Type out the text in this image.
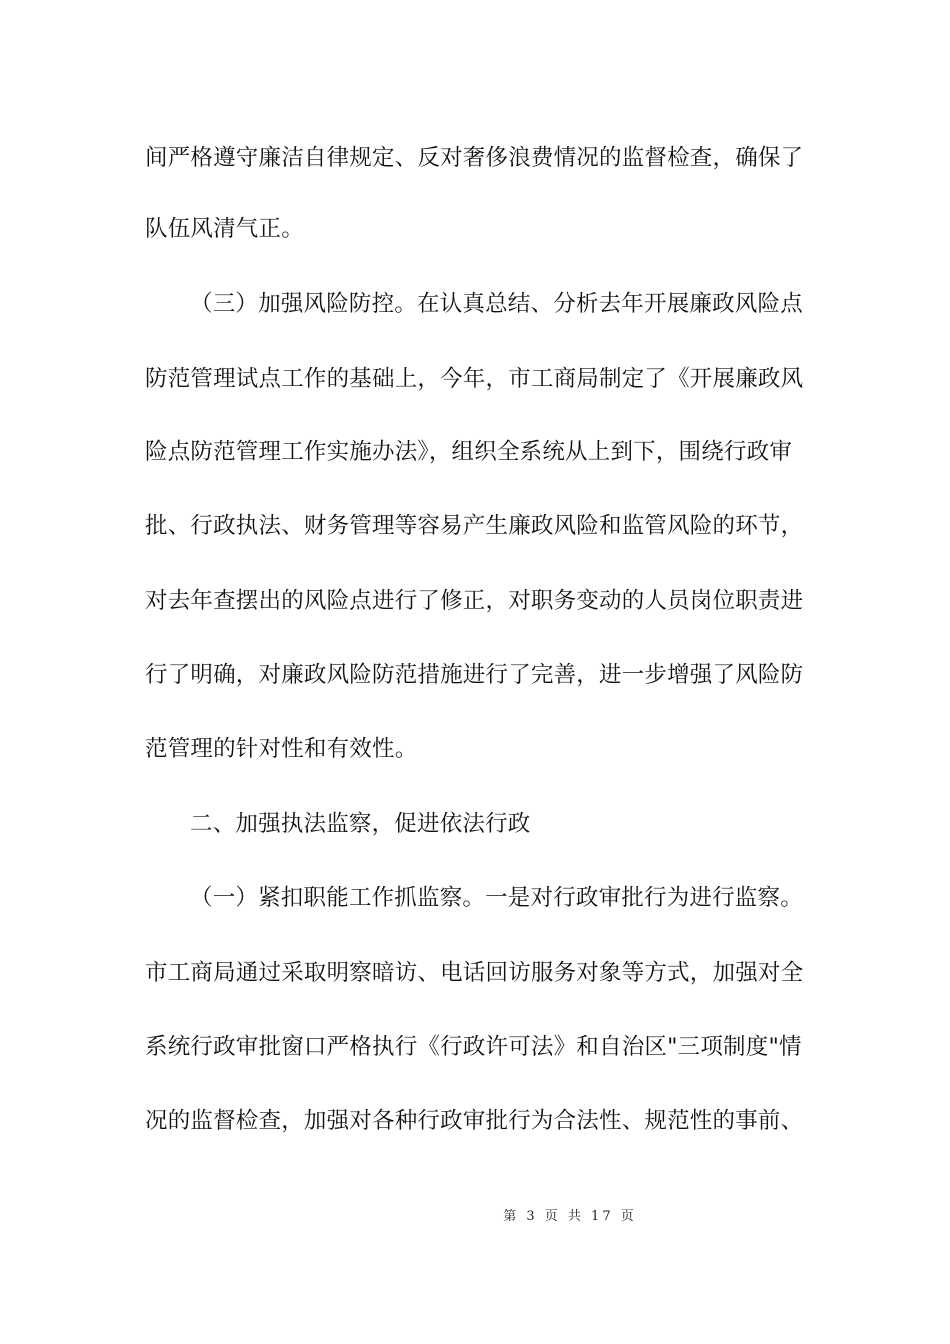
间严格遵守廉洁自律规定、反对奢侈浪费情况的监督检查，确保了
队伍风清气正。
（三）加强风险防控。在认真总结、分析去年开展廉政风险点
防范管理试点工作的基础上，今年，市工商局制定了《开展廉政风
险点防范管理工作实施办法》，组织全系统从上到下，围绕行政审
批、行政执法、财务管理等容易产生廉政风险和监管风险的环节，
对去年查摆出的风险点进行了修正，对职务变动的人员岗位职责进
行了明确，对廉政风险防范措施进行了完善，进一步增强了风险防
范管理的针对性和有效性。
二、加强执法监察，促进依法行政
（一）紧扣职能工作抓监察。一是对行政审批行为进行监察。
市工商局通过采取明察暗访、电话回访服务对象等方式，加强对全
系统行政审批窗口严格执行《行政许可法》和自治区"三项制度"情
况的监督检查，加强对各种行政审批行为合法性、规范性的事前、
第 3 页 共 17 页
